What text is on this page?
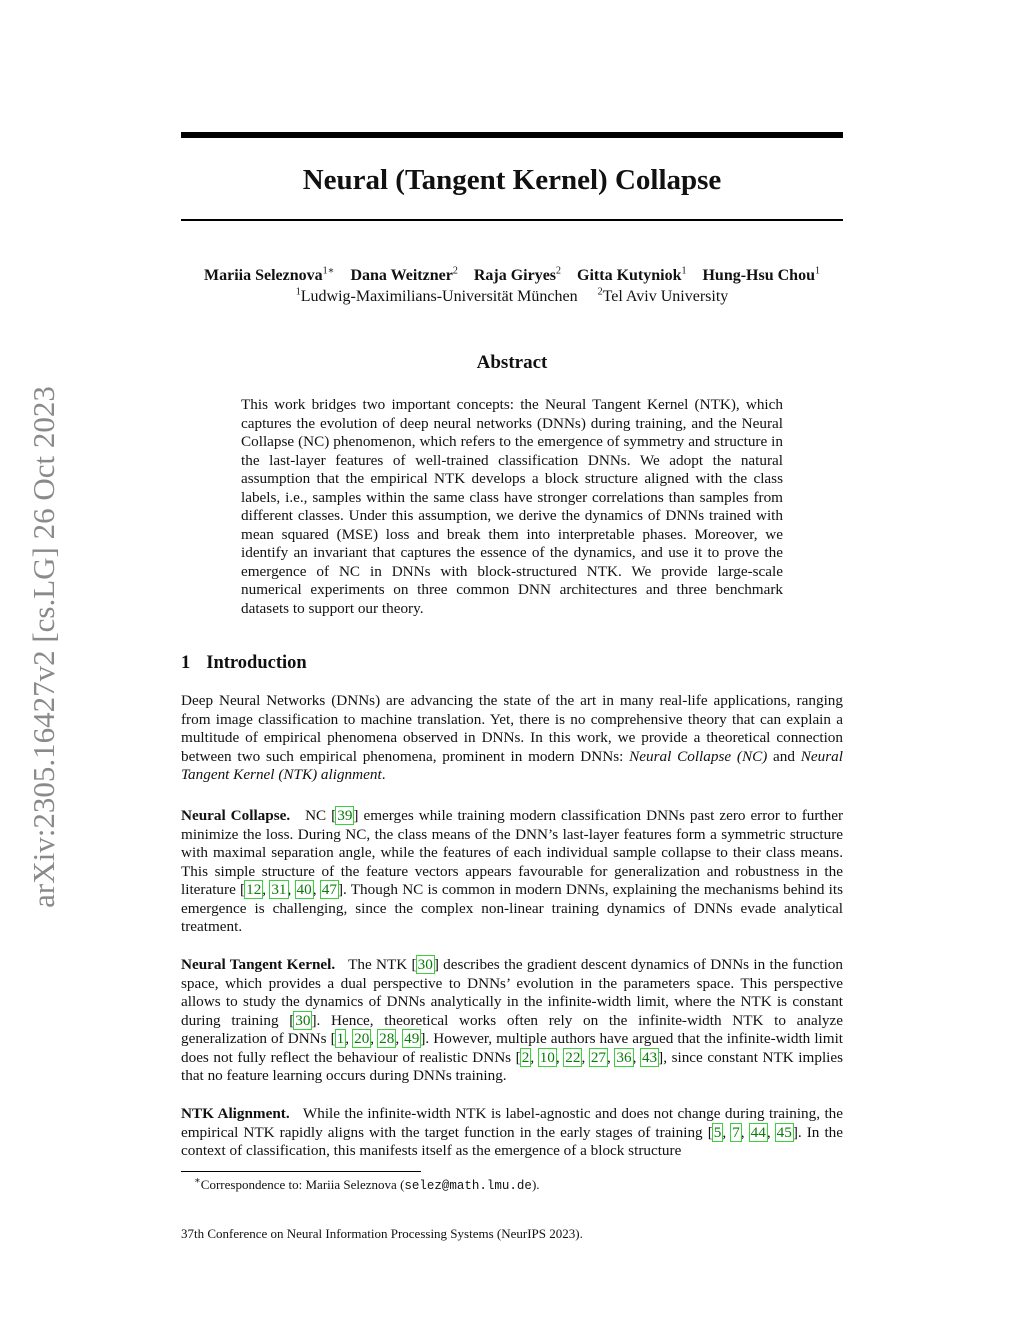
Neural (Tangent Kernel) Collapse
arXiv:2305.16427v2 [cs.LG] 26 Oct 2023
Mariia Seleznova$^{1∗}$ Dana Weitzner$^2$ Raja Giryes$^2$ Gitta Kutyniok$^1$ Hung-Hsu Chou$^1$
$^1$Ludwig-Maximilians-Universität München $^2$Tel Aviv University
Abstract

This work bridges two important concepts: the Neural Tangent Kernel (NTK), which captures the evolution of deep neural networks (DNNs) during training, and the Neural Collapse (NC) phenomenon, which refers to the emergence of symmetry and structure in the last-layer features of well-trained classification DNNs. We adopt the natural assumption that the empirical NTK develops a block structure aligned with the class labels, i.e., samples within the same class have stronger correlations than samples from different classes. Under this assumption, we derive the dynamics of DNNs trained with mean squared (MSE) loss and break them into interpretable phases. Moreover, we identify an invariant that captures the essence of the dynamics, and use it to prove the emergence of NC in DNNs with block-structured NTK. We provide large-scale numerical experiments on three common DNN architectures and three benchmark datasets to support our theory.

1 Introduction

Deep Neural Networks (DNNs) are advancing the state of the art in many real-life applications, ranging from image classification to machine translation. Yet, there is no comprehensive theory that can explain a multitude of empirical phenomena observed in DNNs. In this work, we provide a theoretical connection between two such empirical phenomena, prominent in modern DNNs: Neural Collapse (NC) and Neural Tangent Kernel (NTK) alignment.

Neural Collapse. NC [39] emerges while training modern classification DNNs past zero error to further minimize the loss. During NC, the class means of the DNN’s last-layer features form a symmetric structure with maximal separation angle, while the features of each individual sample collapse to their class means. This simple structure of the feature vectors appears favourable for generalization and robustness in the literature [12, 31, 40, 47]. Though NC is common in modern DNNs, explaining the mechanisms behind its emergence is challenging, since the complex non-linear training dynamics of DNNs evade analytical treatment.

Neural Tangent Kernel. The NTK [30] describes the gradient descent dynamics of DNNs in the function space, which provides a dual perspective to DNNs’ evolution in the parameters space. This perspective allows to study the dynamics of DNNs analytically in the infinite-width limit, where the NTK is constant during training [30]. Hence, theoretical works often rely on the infinite-width NTK to analyze generalization of DNNs [1, 20, 28, 49]. However, multiple authors have argued that the infinite-width limit does not fully reflect the behaviour of realistic DNNs [2, 10, 22, 27, 36, 43], since constant NTK implies that no feature learning occurs during DNNs training.

NTK Alignment. While the infinite-width NTK is label-agnostic and does not change during training, the empirical NTK rapidly aligns with the target function in the early stages of training [5, 7, 44, 45]. In the context of classification, this manifests itself as the emergence of a block structure

∗Correspondence to: Mariia Seleznova (selez@math.lmu.de).

37th Conference on Neural Information Processing Systems (NeurIPS 2023).
